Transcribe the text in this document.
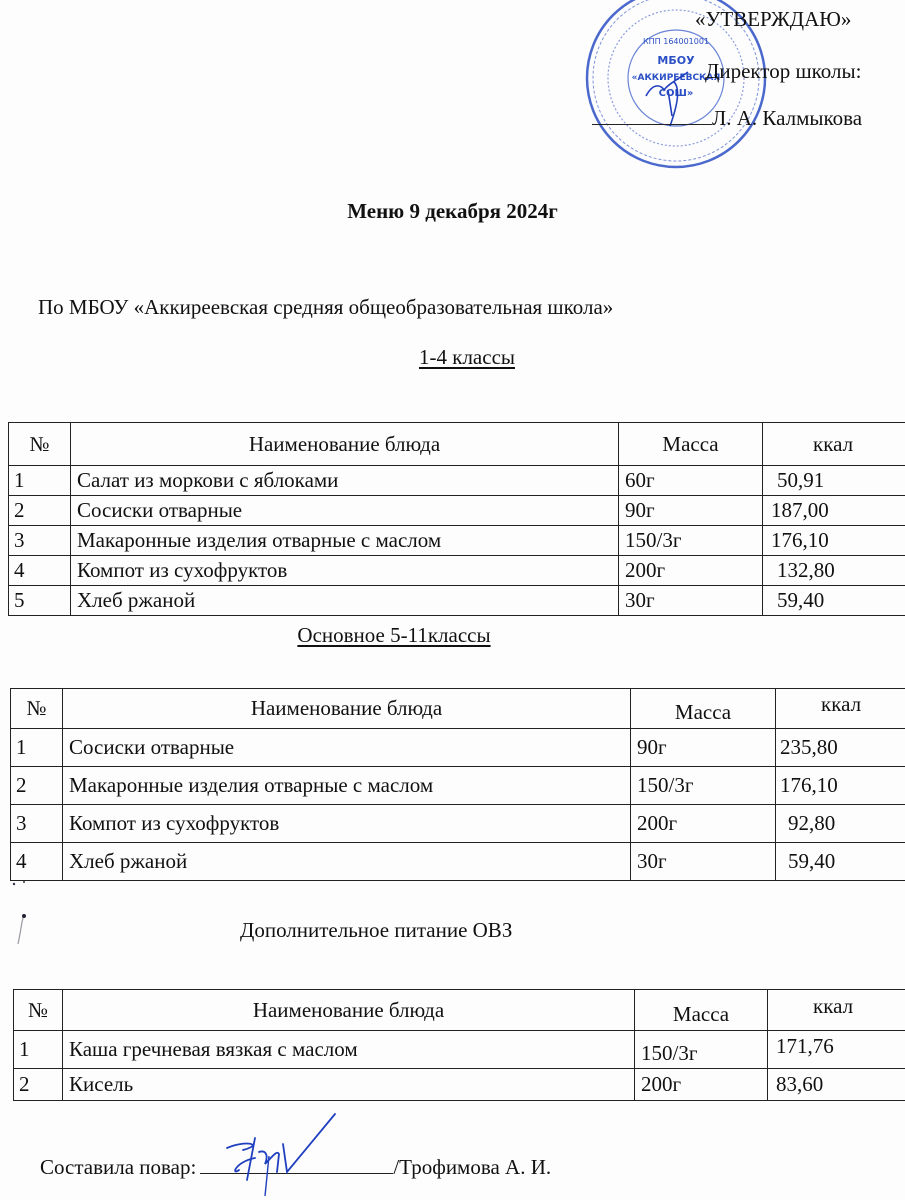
КПП 164001001
МБОУ
«АККИРЕЕВСКАЯ
СОШ»
«УТВЕРЖДАЮ»
Директор школы:
Л. А. Калмыкова
Меню 9 декабря 2024г
По МБОУ «Аккиреевская средняя общеобразовательная школа»
1-4 классы
№	Наименование блюда	Масса	ккал
1	Салат из моркови с яблоками	60г	50,91
2	Сосиски отварные	90г	187,00
3	Макаронные изделия отварные с маслом	150/3г	176,10
4	Компот из сухофруктов	200г	132,80
5	Хлеб ржаной	30г	59,40
Основное 5-11классы
№	Наименование блюда	Масса	ккал
1	Сосиски отварные	90г	235,80
2	Макаронные изделия отварные с маслом	150/3г	176,10
3	Компот из сухофруктов	200г	92,80
4	Хлеб ржаной	30г	59,40
Дополнительное питание ОВЗ
№	Наименование блюда	Масса	ккал
1	Каша гречневая вязкая с маслом	150/3г	171,76
2	Кисель	200г	83,60
Составила повар:	/Трофимова А. И.
